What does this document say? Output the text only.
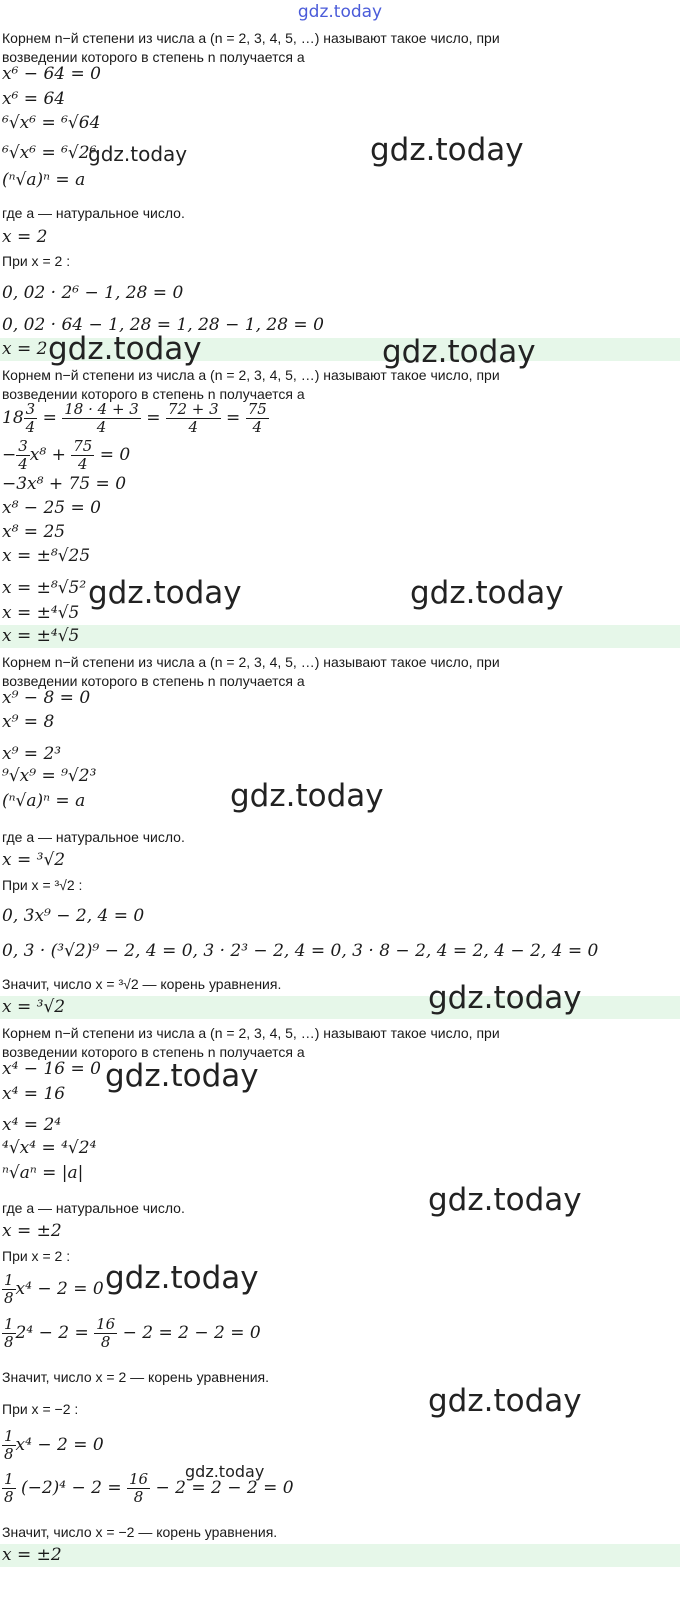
gdz.today
Корнем n−й степени из числа a (n = 2, 3, 4, 5, …) называют такое число, при
возведении которого в степень n получается a
x⁶ − 64 = 0
x⁶ = 64
⁶√x⁶ = ⁶√64
⁶√x⁶ = ⁶√2⁶
(ⁿ√a)ⁿ = a
где a — натуральное число.
x = 2
При x = 2 :
0, 02 · 2⁶ − 1, 28 = 0
0, 02 · 64 − 1, 28 = 1, 28 − 1, 28 = 0
x = 2
Корнем n−й степени из числа a (n = 2, 3, 4, 5, …) называют такое число, при
возведении которого в степень n получается a
$18 \frac{3}{4} = \frac{18 \cdot 4 + 3}{4} = \frac{72 + 3}{4} = \frac{75}{4}$
− $\frac{3}{4} x^8 + \frac{75}{4} = 0$
−3x⁸ + 75 = 0
x⁸ − 25 = 0
x⁸ = 25
x = ±⁸√25
x = ±⁸√5²
x = ±⁴√5
x = ±⁴√5
Корнем n−й степени из числа a (n = 2, 3, 4, 5, …) называют такое число, при
возведении которого в степень n получается a
x⁹ − 8 = 0
x⁹ = 8
x⁹ = 2³
⁹√x⁹ = ⁹√2³
(ⁿ√a)ⁿ = a
где a — натуральное число.
x = ³√2
При x = ³√2 :
0, 3x⁹ − 2, 4 = 0
0, 3 · (³√2)⁹ − 2, 4 = 0, 3 · 2³ − 2, 4 = 0, 3 · 8 − 2, 4 = 2, 4 − 2, 4 = 0
Значит, число x = ³√2 — корень уравнения.
x = ³√2
Корнем n−й степени из числа a (n = 2, 3, 4, 5, …) называют такое число, при
возведении которого в степень n получается a
x⁴ − 16 = 0
x⁴ = 16
x⁴ = 2⁴
⁴√x⁴ = ⁴√2⁴
ⁿ√aⁿ = |a|
где a — натуральное число.
x = ±2
При x = 2 :
$\frac{1}{8} x^4 - 2 = 0$
$\frac{1}{8} 2^4 - 2 = \frac{16}{8} - 2 = 2 - 2 = 0$
Значит, число x = 2 — корень уравнения.
При x = −2 :
$\frac{1}{8} x^4 - 2 = 0$
$\frac{1}{8} (-2)^4 - 2 = \frac{16}{8} - 2 = 2 - 2 = 0$
Значит, число x = −2 — корень уравнения.
x = ±2
gdz.today	gdz.today
gdz.today	gdz.today
gdz.today	gdz.today
gdz.today
gdz.today
gdz.today
gdz.today
gdz.today
gdz.today
gdz.today
